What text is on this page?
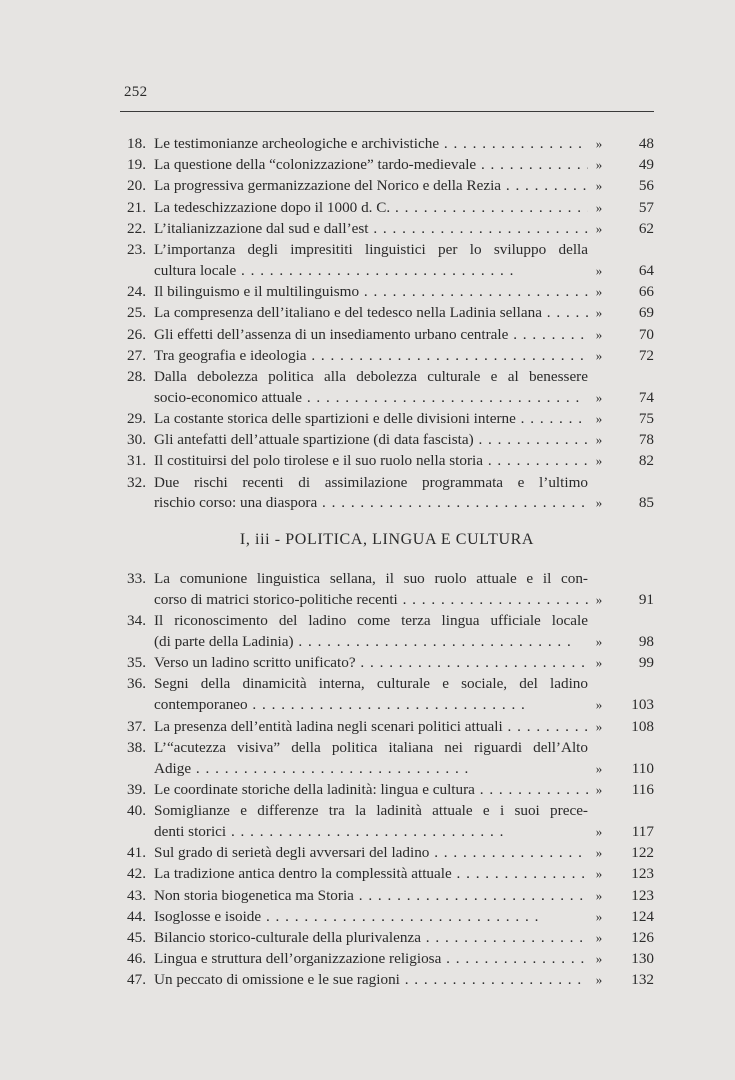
252
18. Le testimonianze archeologiche e archivistiche . .	»	48
19. La questione della “colonizzazione” tardo-medievale . .	»	49
20. La progressiva germanizzazione del Norico e della Rezia . .	»	56
21. La tedeschizzazione dopo il 1000 d. C. . .	»	57
22. L’italianizzazione dal sud e dall’est . .	»	62
23. L’importanza degli impresititi linguistici per lo sviluppo della
cultura locale . .	»	64
24. Il bilinguismo e il multilinguismo . .	»	66
25. La compresenza dell’italiano e del tedesco nella Ladinia sellana . .	»	69
26. Gli effetti dell’assenza di un insediamento urbano centrale . .	»	70
27. Tra geografia e ideologia . .	»	72
28. Dalla debolezza politica alla debolezza culturale e al benessere
socio-economico attuale . .	»	74
29. La costante storica delle spartizioni e delle divisioni interne . .	»	75
30. Gli antefatti dell’attuale spartizione (di data fascista) . .	»	78
31. Il costituirsi del polo tirolese e il suo ruolo nella storia . .	»	82
32. Due rischi recenti di assimilazione programmata e l’ultimo
rischio corso: una diaspora . .	»	85
33. La comunione linguistica sellana, il suo ruolo attuale e il con-
corso di matrici storico-politiche recenti . .	»	91
34. Il riconoscimento del ladino come terza lingua ufficiale locale
(di parte della Ladinia) . .	»	98
35. Verso un ladino scritto unificato? . .	»	99
36. Segni della dinamicità interna, culturale e sociale, del ladino
contemporaneo . .	»	103
37. La presenza dell’entità ladina negli scenari politici attuali . .	»	108
38. L’“acutezza visiva” della politica italiana nei riguardi dell’Alto
Adige . .	»	110
39. Le coordinate storiche della ladinità: lingua e cultura . .	»	116
40. Somiglianze e differenze tra la ladinità attuale e i suoi prece-
denti storici . .	»	117
41. Sul grado di serietà degli avversari del ladino . .	»	122
42. La tradizione antica dentro la complessità attuale . .	»	123
43. Non storia biogenetica ma Storia . .	»	123
44. Isoglosse e isoide . .	»	124
45. Bilancio storico-culturale della plurivalenza . .	»	126
46. Lingua e struttura dell’organizzazione religiosa . .	»	130
47. Un peccato di omissione e le sue ragioni . .	»	132
I, iii - POLITICA, LINGUA E CULTURA
